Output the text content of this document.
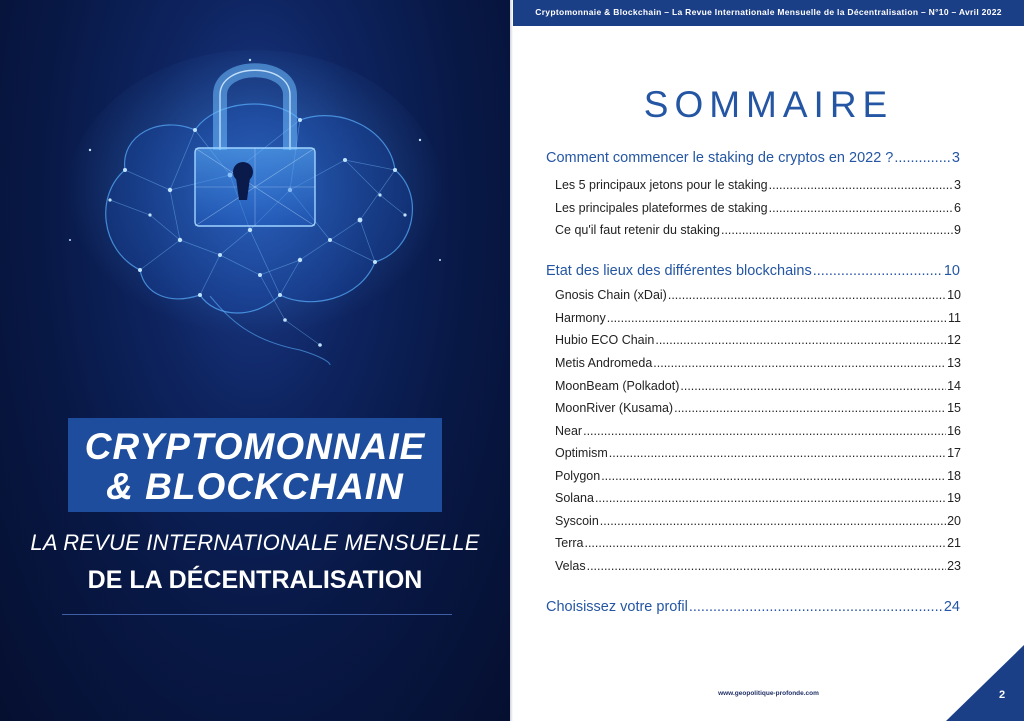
CRYPTOMONNAIE
& BLOCKCHAIN
LA REVUE INTERNATIONALE MENSUELLE
DE LA DÉCENTRALISATION
Cryptomonnaie & Blockchain – La Revue Internationale Mensuelle de la Décentralisation – N°10 – Avril 2022
SOMMAIRE
Comment commencer le staking de cryptos en 2022 ? .....	3
Les 5 principaux jetons pour le staking .....	3
Les principales plateformes de staking .....	6
Ce qu'il faut retenir du staking .....	9
Etat des lieux des différentes blockchains .....	10
Gnosis Chain (xDai) .....	10
Harmony .....	11
Hubio ECO Chain .....	12
Metis Andromeda .....	13
MoonBeam (Polkadot) .....	14
MoonRiver (Kusama) .....	15
Near .....	16
Optimism .....	17
Polygon .....	18
Solana .....	19
Syscoin .....	20
Terra .....	21
Velas .....	23
Choisissez votre profil .....	24
www.geopolitique-profonde.com	2
